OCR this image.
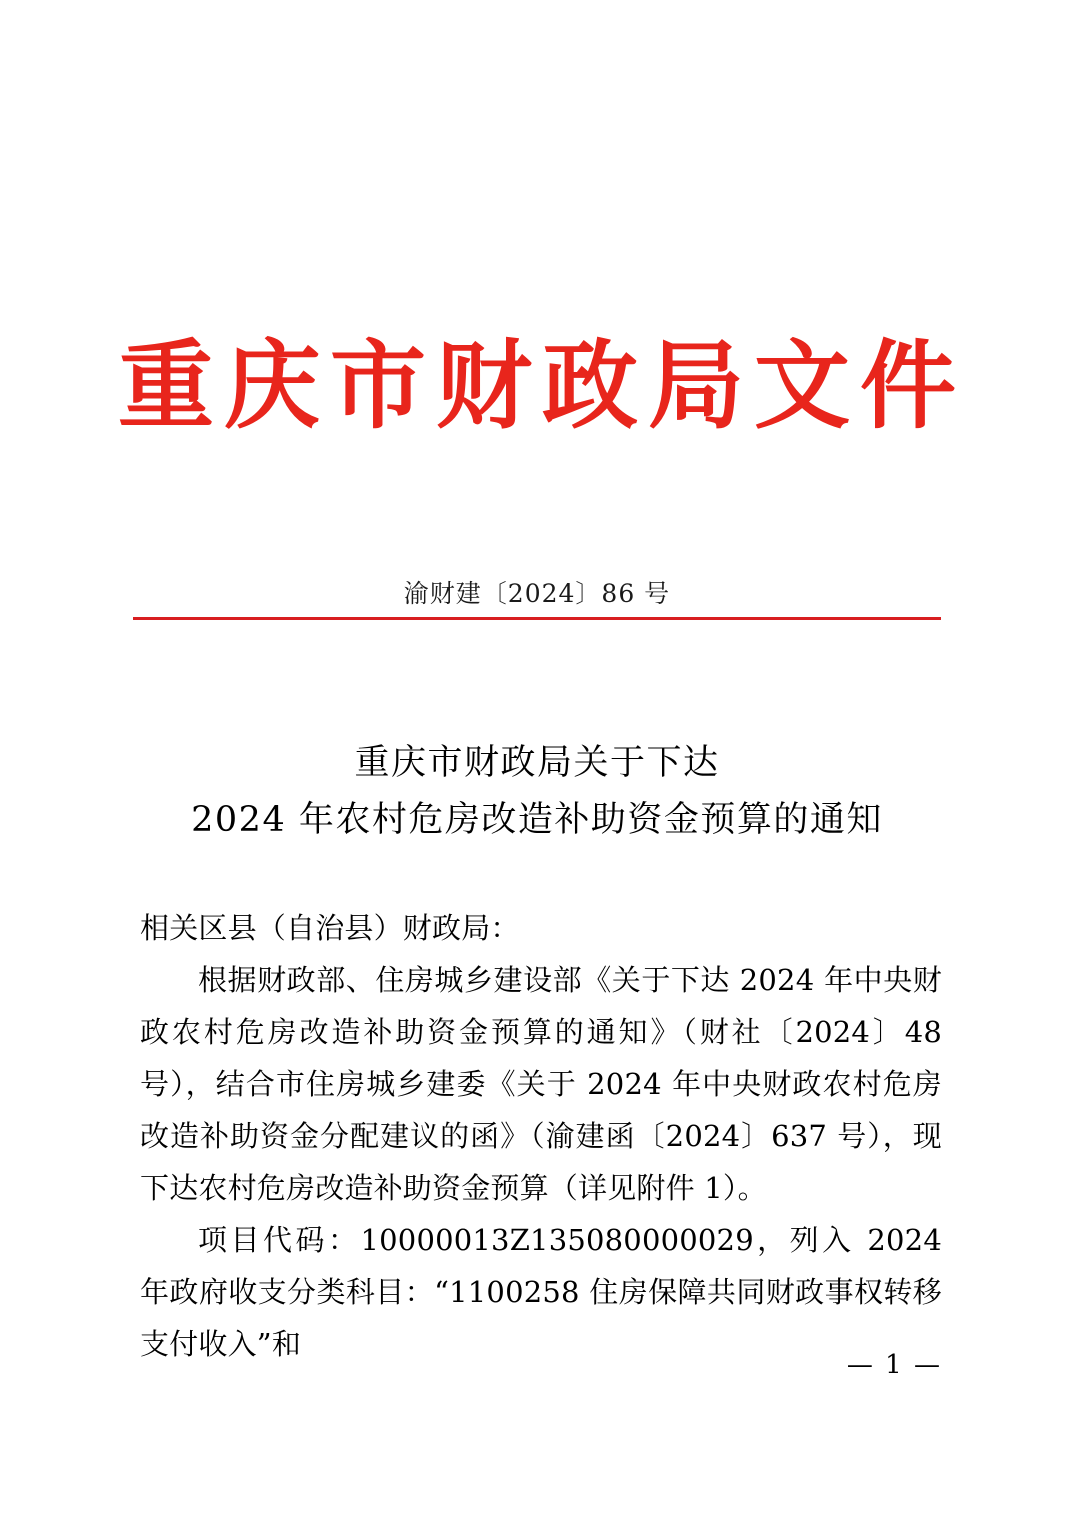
重庆市财政局文件
渝财建〔2024〕86 号
重庆市财政局关于下达
2024 年农村危房改造补助资金预算的通知

相关区县（自治县）财政局：

根据财政部、住房城乡建设部《关于下达 2024 年中央财政农村危房改造补助资金预算的通知》（财社〔2024〕48 号），结合市住房城乡建委《关于 2024 年中央财政农村危房改造补助资金分配建议的函》（渝建函〔2024〕637 号），现下达农村危房改造补助资金预算（详见附件 1）。

项目代码：10000013Z135080000029，列入 2024 年政府收支分类科目：“1100258 住房保障共同财政事权转移支付收入”和

— 1 —
